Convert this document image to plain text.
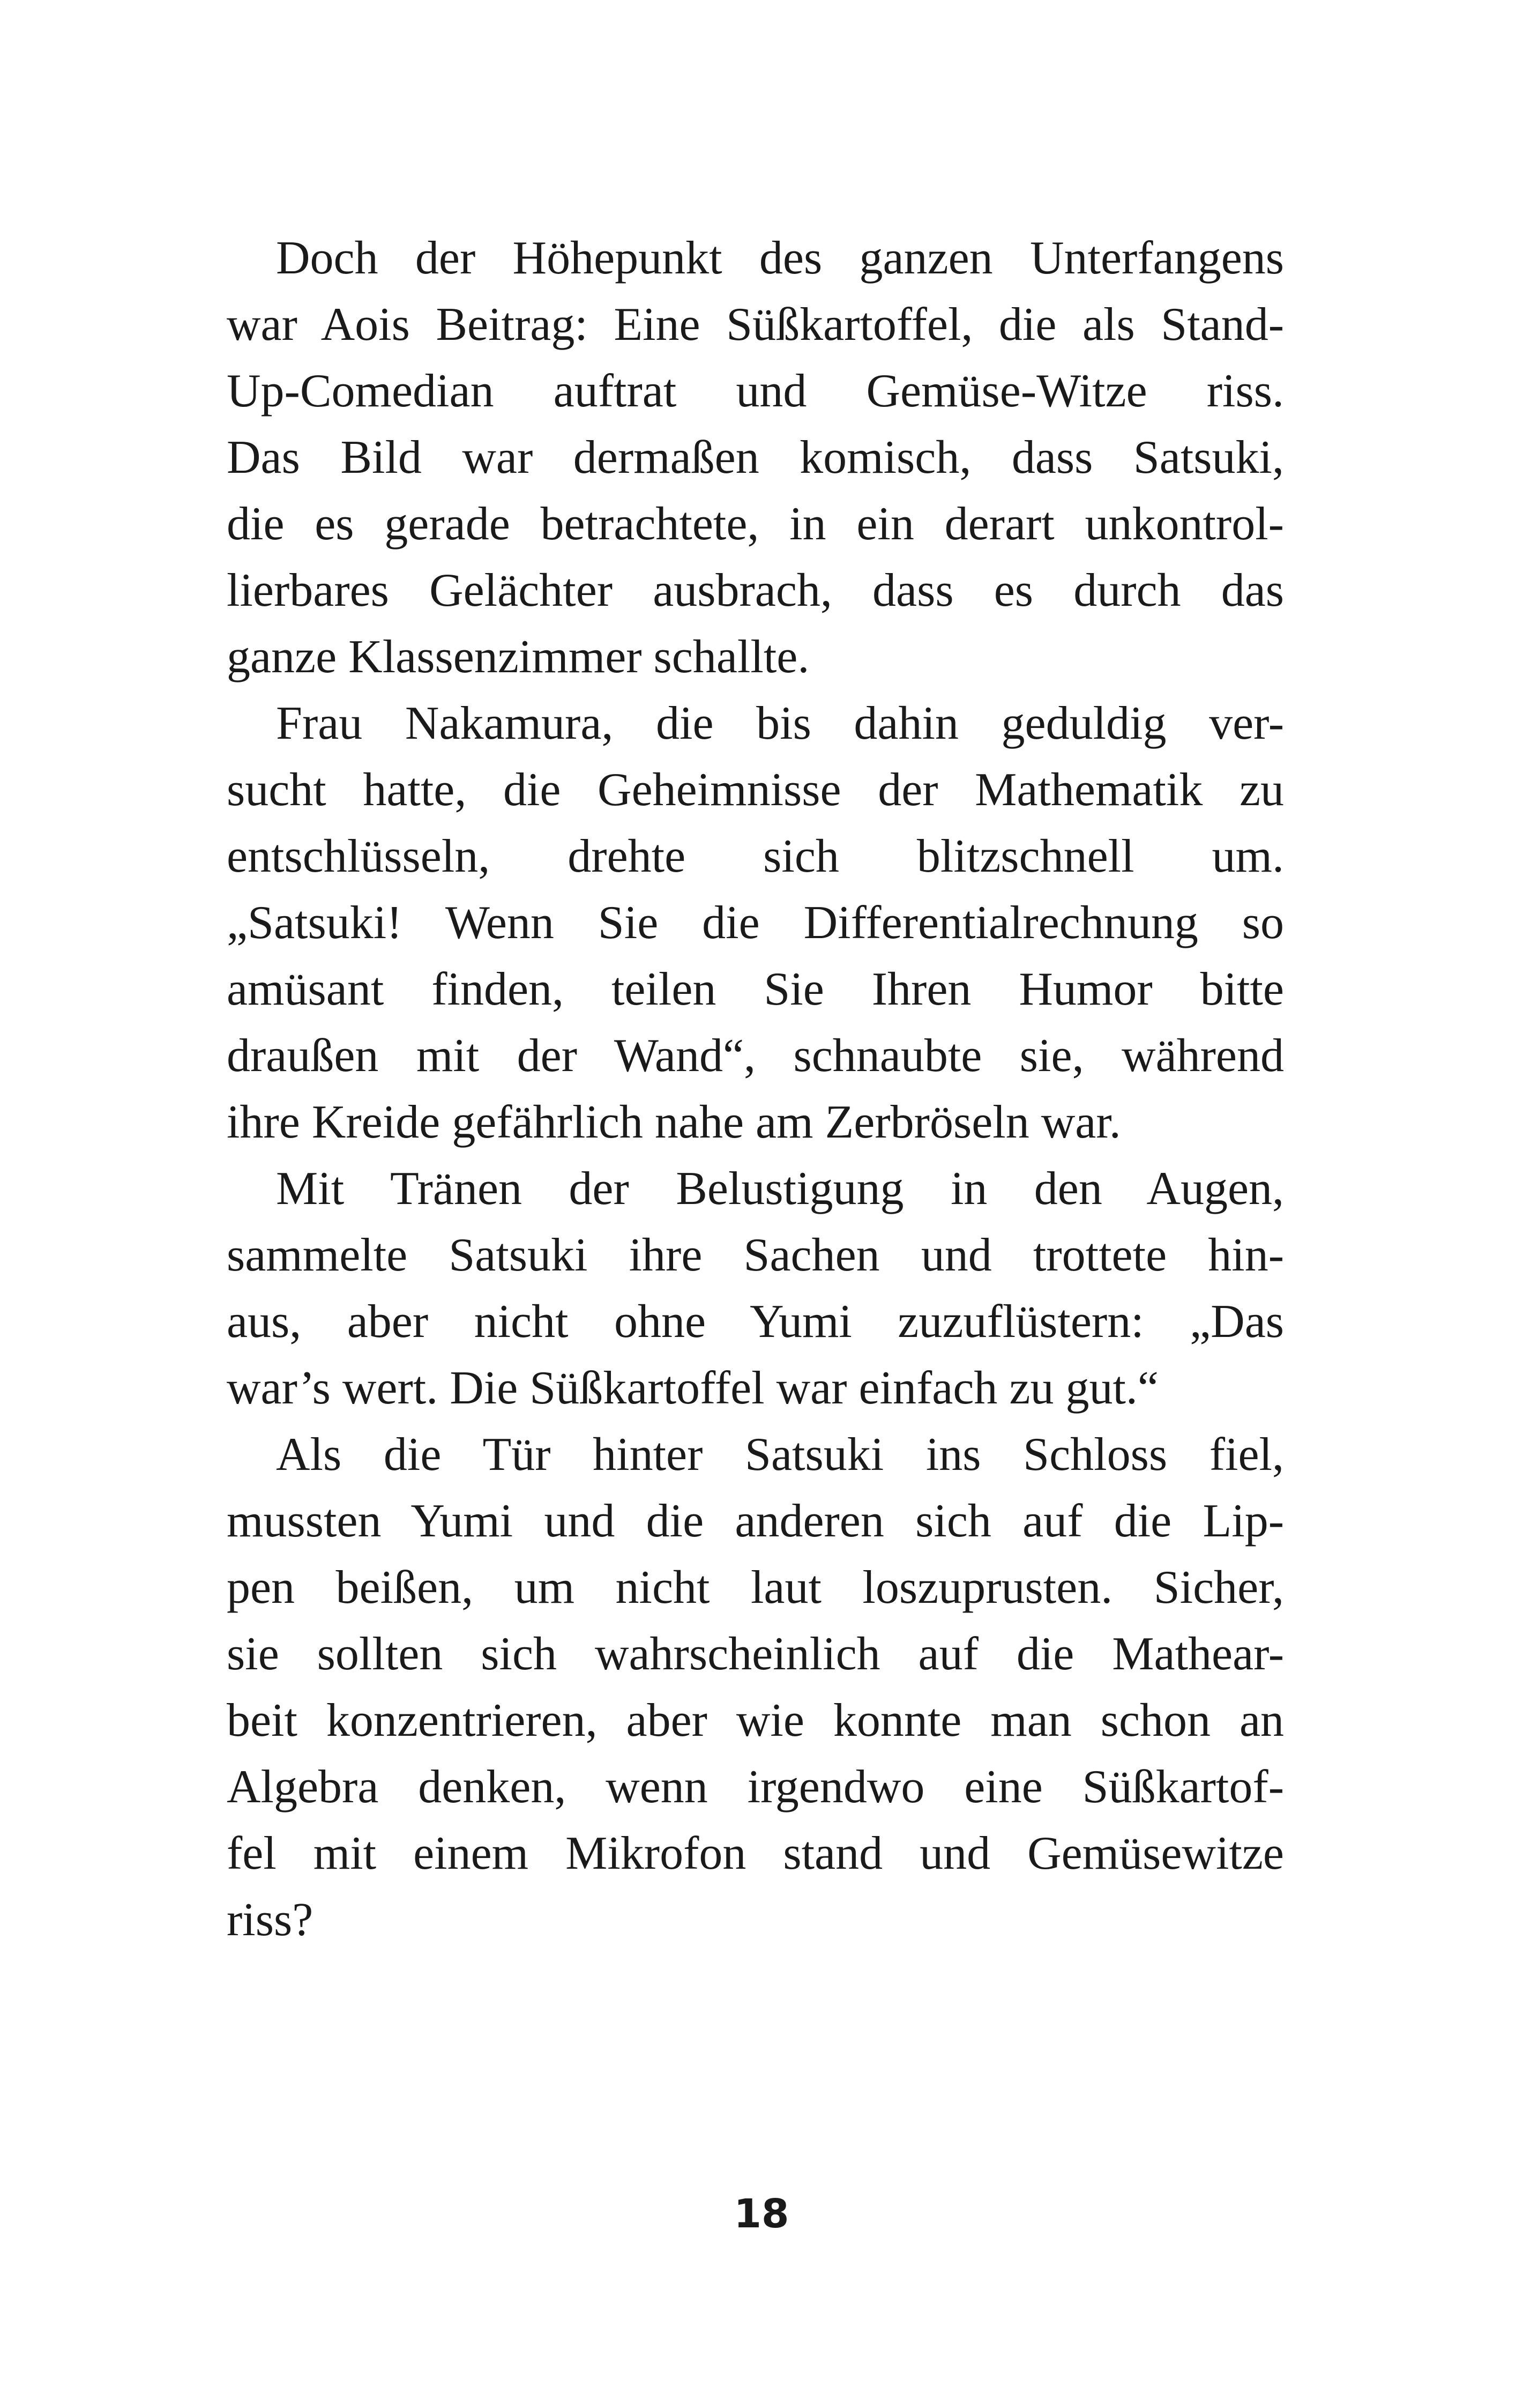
Doch der Höhepunkt des ganzen Unterfangens
war Aois Beitrag: Eine Süßkartoffel, die als Stand-
Up-Comedian auftrat und Gemüse-Witze riss.
Das Bild war dermaßen komisch, dass Satsuki,
die es gerade betrachtete, in ein derart unkontrol-
lierbares Gelächter ausbrach, dass es durch das
ganze Klassenzimmer schallte.
Frau Nakamura, die bis dahin geduldig ver-
sucht hatte, die Geheimnisse der Mathematik zu
entschlüsseln, drehte sich blitzschnell um.
„Satsuki! Wenn Sie die Differentialrechnung so
amüsant finden, teilen Sie Ihren Humor bitte
draußen mit der Wand“, schnaubte sie, während
ihre Kreide gefährlich nahe am Zerbröseln war.
Mit Tränen der Belustigung in den Augen,
sammelte Satsuki ihre Sachen und trottete hin-
aus, aber nicht ohne Yumi zuzuflüstern: „Das
war’s wert. Die Süßkartoffel war einfach zu gut.“
Als die Tür hinter Satsuki ins Schloss fiel,
mussten Yumi und die anderen sich auf die Lip-
pen beißen, um nicht laut loszuprusten. Sicher,
sie sollten sich wahrscheinlich auf die Mathear-
beit konzentrieren, aber wie konnte man schon an
Algebra denken, wenn irgendwo eine Süßkartof-
fel mit einem Mikrofon stand und Gemüsewitze
riss?
18
